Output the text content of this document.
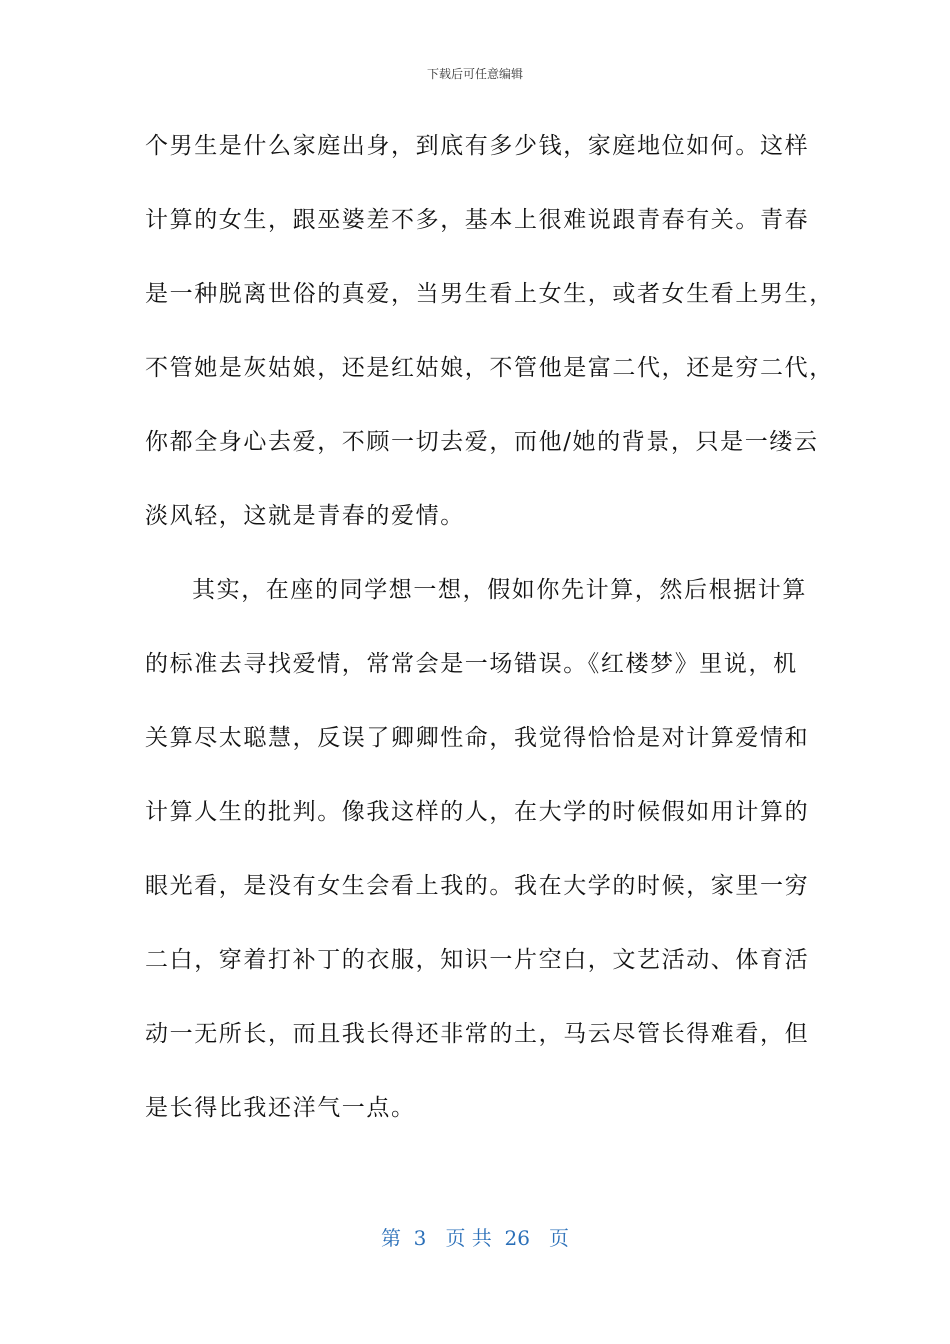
下载后可任意编辑
个男生是什么家庭出身，到底有多少钱，家庭地位如何。这样
计算的女生，跟巫婆差不多，基本上很难说跟青春有关。青春
是一种脱离世俗的真爱，当男生看上女生，或者女生看上男生，
不管她是灰姑娘，还是红姑娘，不管他是富二代，还是穷二代，
你都全身心去爱，不顾一切去爱，而他/她的背景，只是一缕云
淡风轻，这就是青春的爱情。
其实，在座的同学想一想，假如你先计算，然后根据计算
的标准去寻找爱情，常常会是一场错误。《红楼梦》里说，机
关算尽太聪慧，反误了卿卿性命，我觉得恰恰是对计算爱情和
计算人生的批判。像我这样的人，在大学的时候假如用计算的
眼光看，是没有女生会看上我的。我在大学的时候，家里一穷
二白，穿着打补丁的衣服，知识一片空白，文艺活动、体育活
动一无所长，而且我长得还非常的土，马云尽管长得难看，但
是长得比我还洋气一点。
第  3   页 共  26   页
